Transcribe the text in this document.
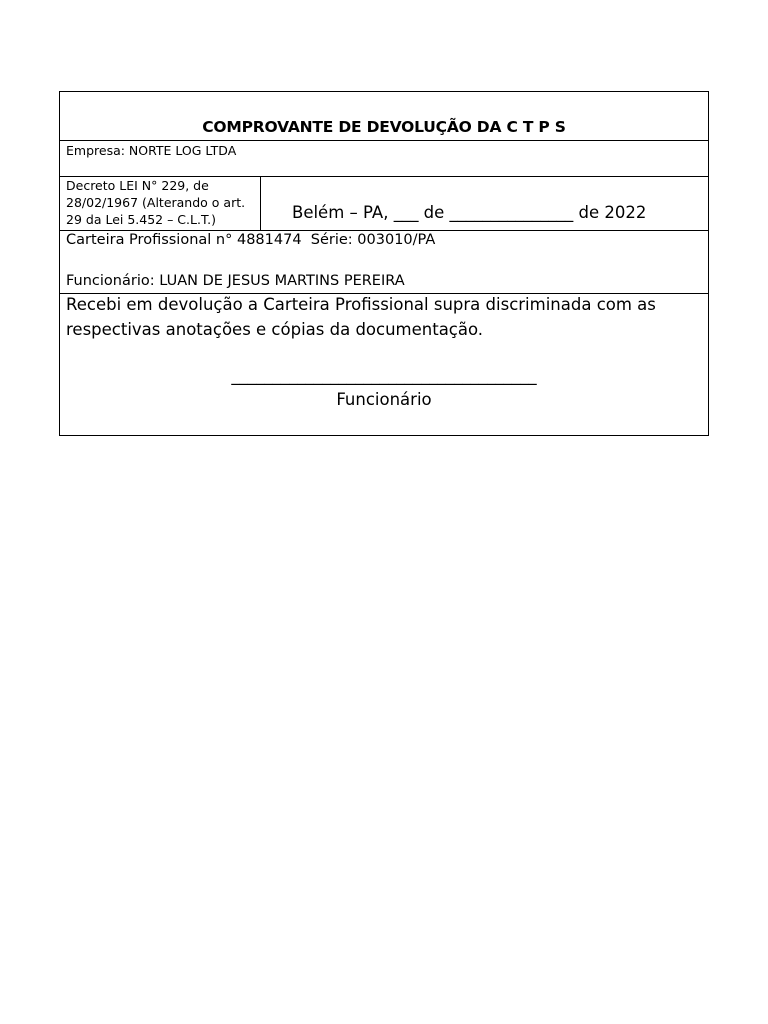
COMPROVANTE DE DEVOLUÇÃO DA C T P S
Empresa: NORTE LOG LTDA
Decreto LEI N° 229, de
28/02/1967 (Alterando o art.
29 da Lei 5.452 – C.L.T.)	Belém – PA, ___ de _______________ de 2022
Carteira Profissional n° 4881474  Série: 003010/PA
Funcionário: LUAN DE JESUS MARTINS PEREIRA
Recebi em devolução a Carteira Profissional supra discriminada com as
respectivas anotações e cópias da documentação.
_____________________________________
Funcionário
